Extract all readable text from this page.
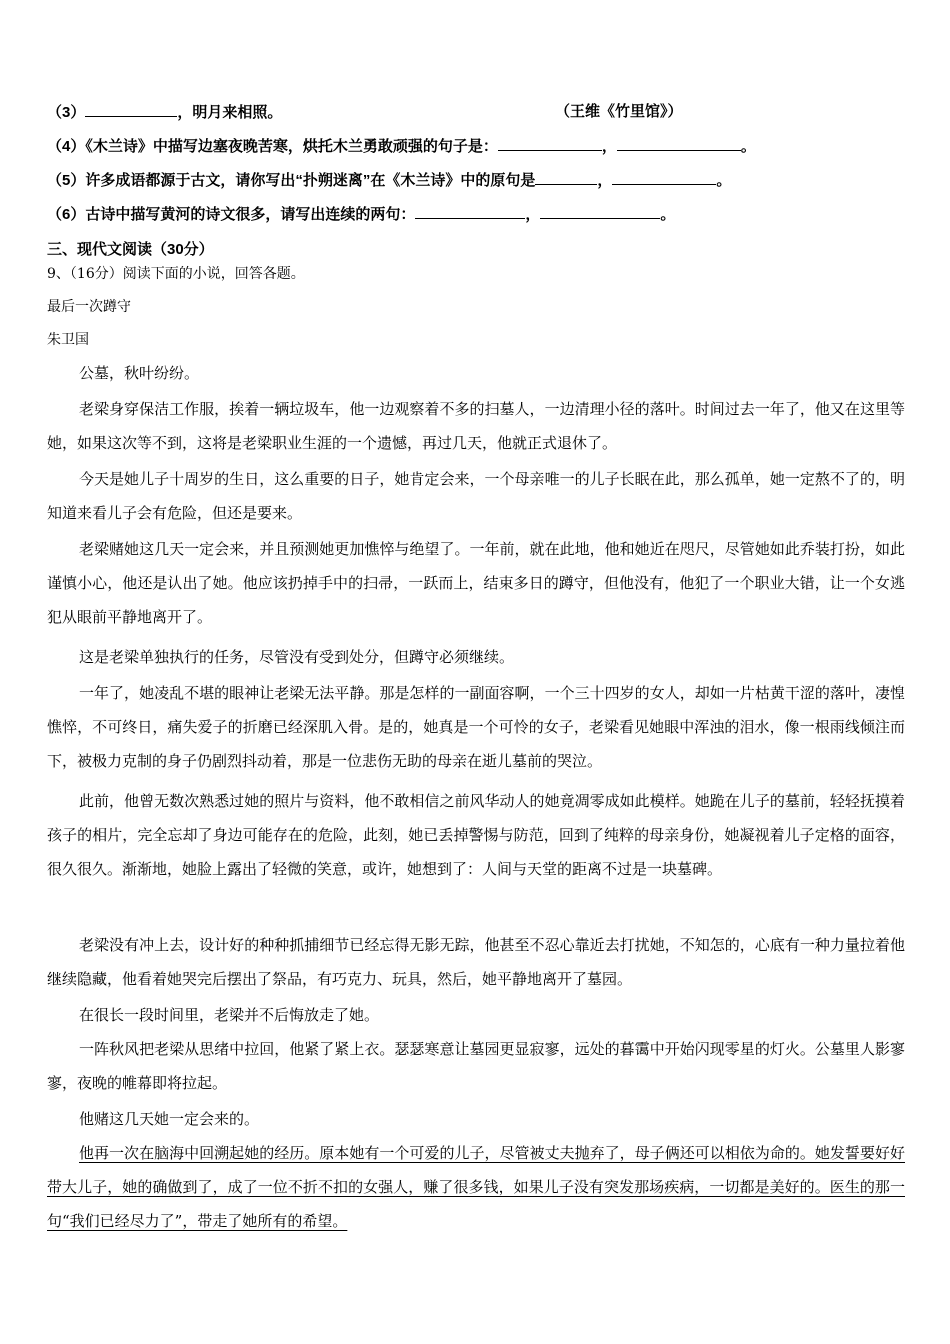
（3）	，明月来相照。	（王维《竹里馆》）
（4）《木兰诗》中描写边塞夜晚苦寒，烘托木兰勇敢顽强的句子是：	，	。
（5）许多成语都源于古文，请你写出“扑朔迷离”在《木兰诗》中的原句是	，	。
（6）古诗中描写黄河的诗文很多，请写出连续的两句：	，	。
三、现代文阅读（30分）
9、（16分）阅读下面的小说，回答各题。
最后一次蹲守
朱卫国

公墓，秋叶纷纷。

老梁身穿保洁工作服，挨着一辆垃圾车，他一边观察着不多的扫墓人，一边清理小径的落叶。时间过去一年了，他又在这里等她，如果这次等不到，这将是老梁职业生涯的一个遗憾，再过几天，他就正式退休了。

今天是她儿子十周岁的生日，这么重要的日子，她肯定会来，一个母亲唯一的儿子长眠在此，那么孤单，她一定熬不了的，明知道来看儿子会有危险，但还是要来。

老梁赌她这几天一定会来，并且预测她更加憔悴与绝望了。一年前，就在此地，他和她近在咫尺，尽管她如此乔装打扮，如此谨慎小心，他还是认出了她。他应该扔掉手中的扫帚，一跃而上，结束多日的蹲守，但他没有，他犯了一个职业大错，让一个女逃犯从眼前平静地离开了。

这是老梁单独执行的任务，尽管没有受到处分，但蹲守必须继续。

一年了，她凌乱不堪的眼神让老梁无法平静。那是怎样的一副面容啊，一个三十四岁的女人，却如一片枯黄干涩的落叶，凄惶憔悴，不可终日，痛失爱子的折磨已经深肌入骨。是的，她真是一个可怜的女子，老梁看见她眼中浑浊的泪水，像一根雨线倾注而下，被极力克制的身子仍剧烈抖动着，那是一位悲伤无助的母亲在逝儿墓前的哭泣。

此前，他曾无数次熟悉过她的照片与资料，他不敢相信之前风华动人的她竟凋零成如此模样。她跪在儿子的墓前，轻轻抚摸着孩子的相片，完全忘却了身边可能存在的危险，此刻，她已丢掉警惕与防范，回到了纯粹的母亲身份，她凝视着儿子定格的面容，很久很久。渐渐地，她脸上露出了轻微的笑意，或许，她想到了：人间与天堂的距离不过是一块墓碑。

老梁没有冲上去，设计好的种种抓捕细节已经忘得无影无踪，他甚至不忍心靠近去打扰她，不知怎的，心底有一种力量拉着他继续隐藏，他看着她哭完后摆出了祭品，有巧克力、玩具，然后，她平静地离开了墓园。

在很长一段时间里，老梁并不后悔放走了她。

一阵秋风把老梁从思绪中拉回，他紧了紧上衣。瑟瑟寒意让墓园更显寂寥，远处的暮霭中开始闪现零星的灯火。公墓里人影寥寥，夜晚的帷幕即将拉起。

他赌这几天她一定会来的。

他再一次在脑海中回溯起她的经历。原本她有一个可爱的儿子，尽管被丈夫抛弃了，母子俩还可以相依为命的。她发誓要好好带大儿子，她的确做到了，成了一位不折不扣的女强人，赚了很多钱，如果儿子没有突发那场疾病，一切都是美好的。医生的那一句“我们已经尽力了”，带走了她所有的希望。
